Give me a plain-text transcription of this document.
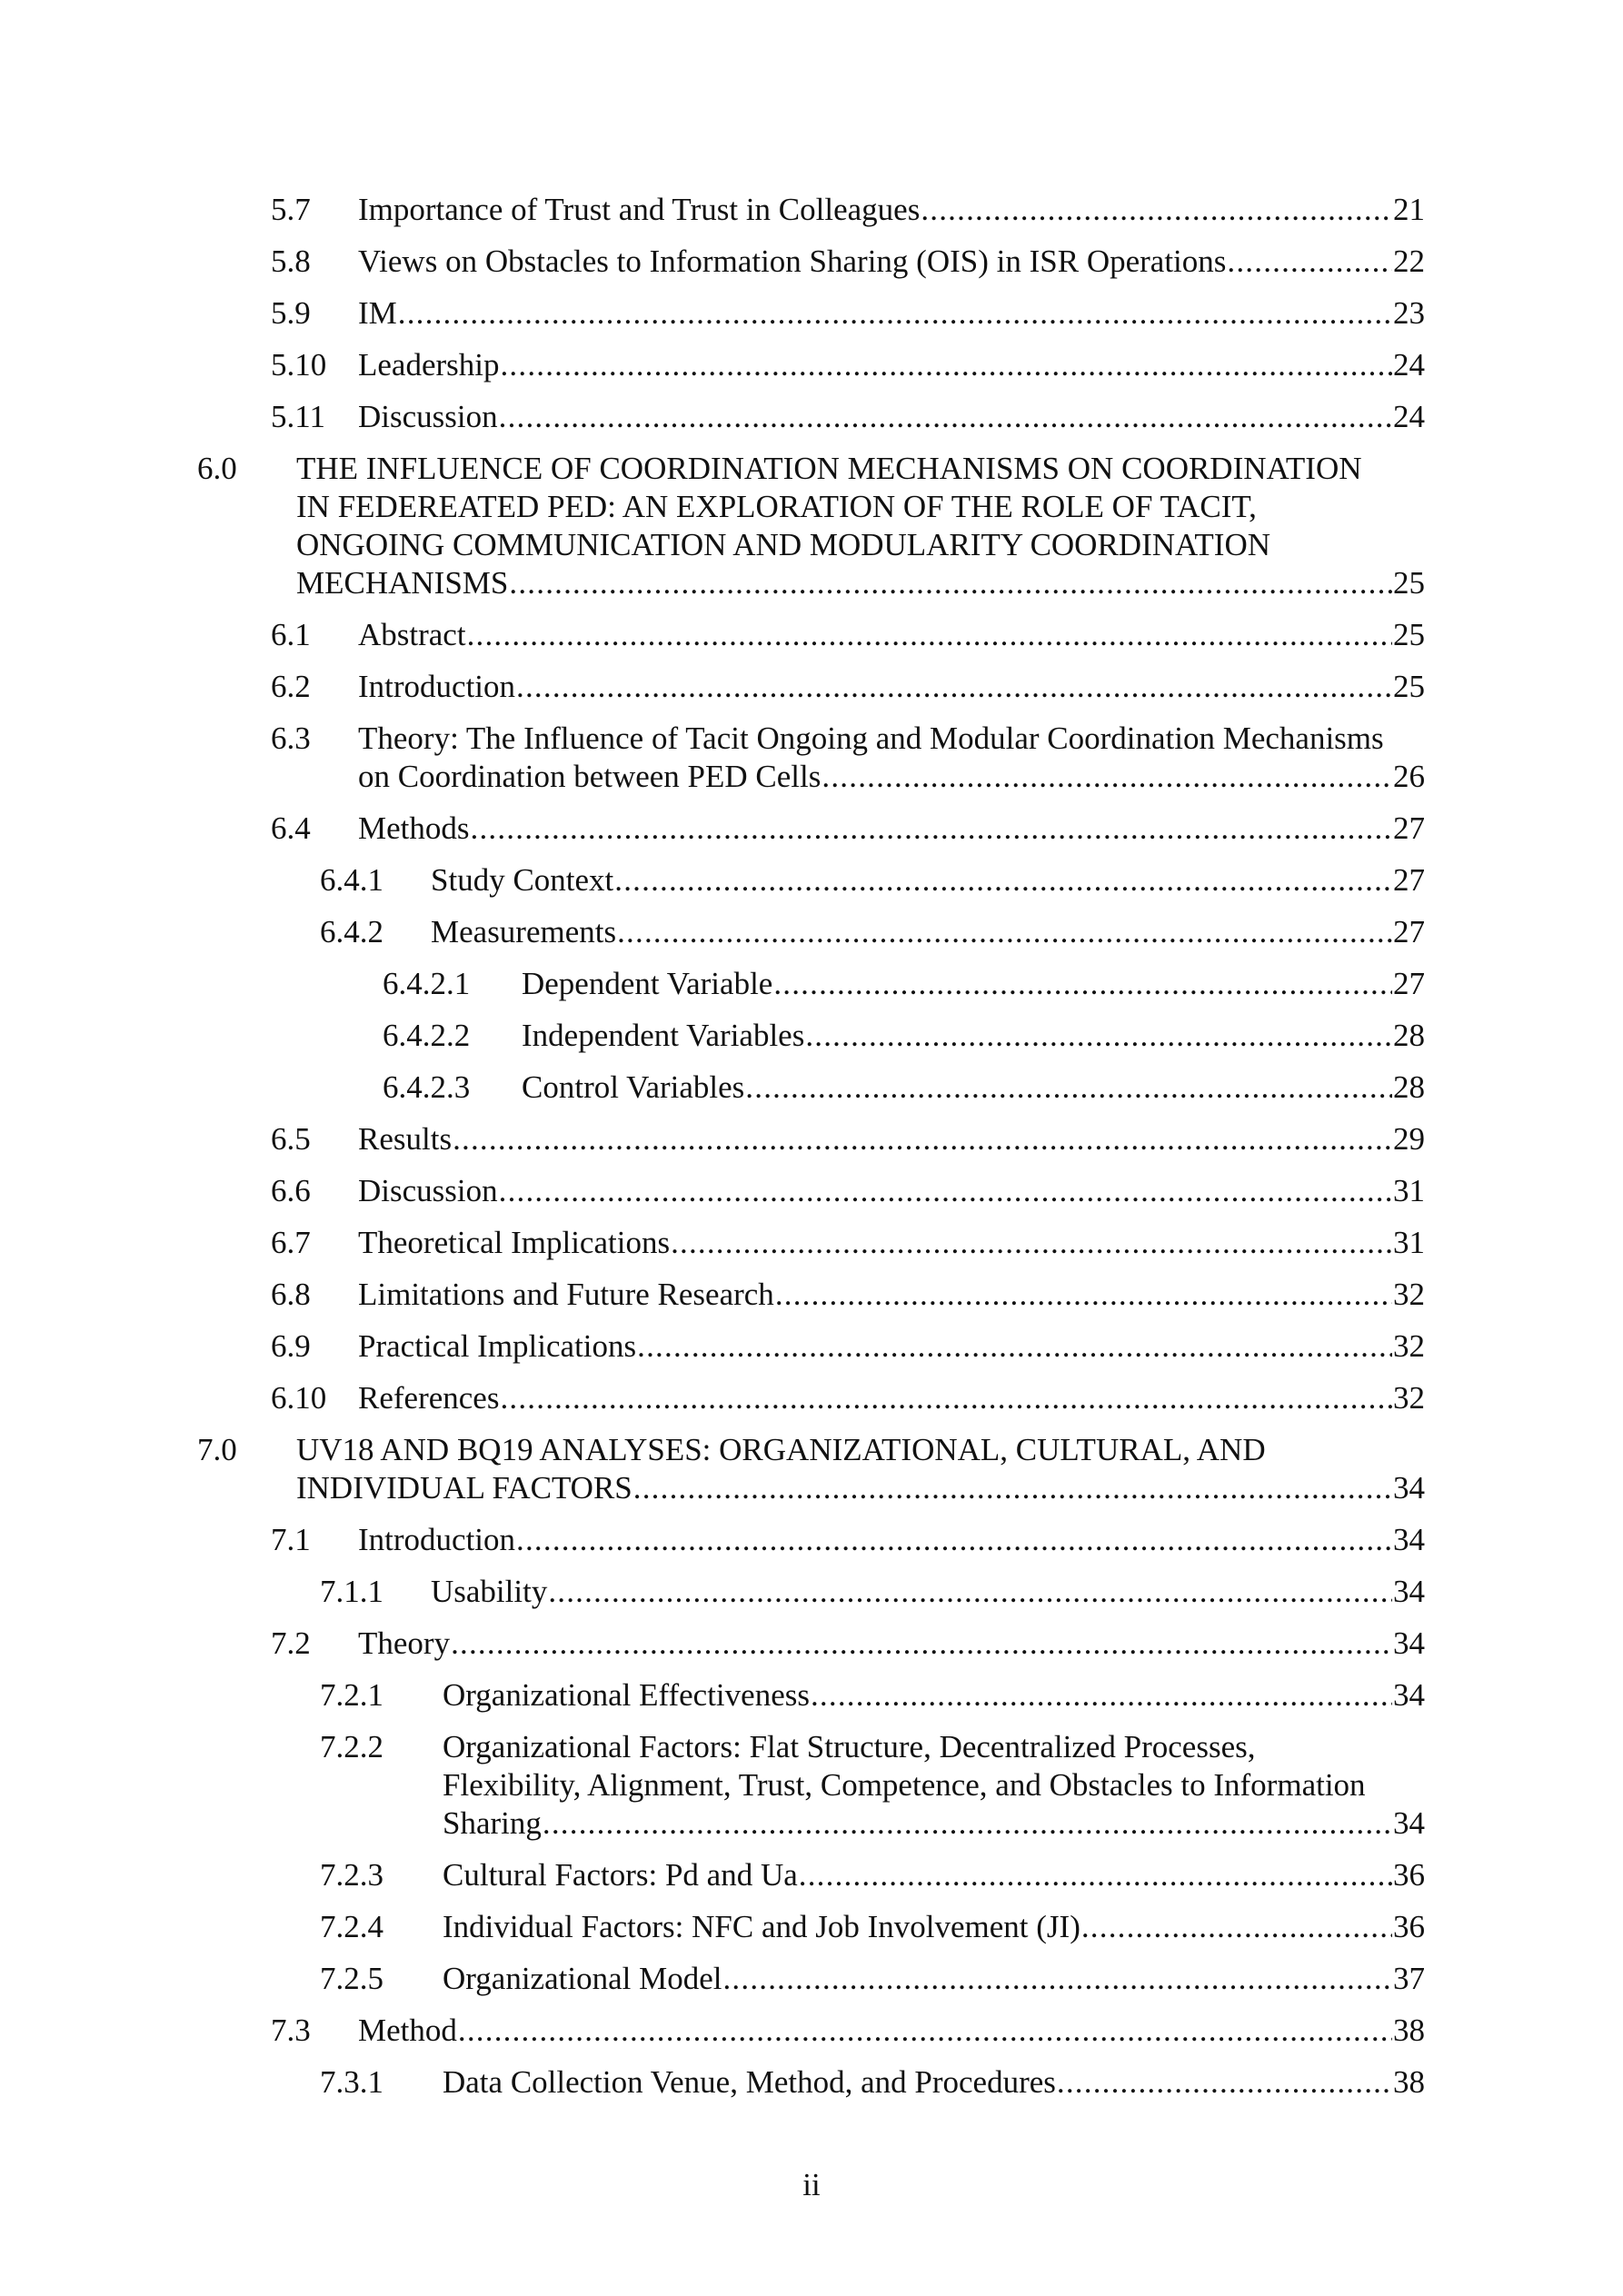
5.7 Importance of Trust and Trust in Colleagues .....	21
5.8 Views on Obstacles to Information Sharing (OIS) in ISR Operations .....	22
5.9 IM .....	23
5.10 Leadership .....	24
5.11 Discussion .....	24
6.0 THE INFLUENCE OF COORDINATION MECHANISMS ON COORDINATION
IN FEDEREATED PED: AN EXPLORATION OF THE ROLE OF TACIT,
ONGOING COMMUNICATION AND MODULARITY COORDINATION
MECHANISMS .....	25
6.1 Abstract .....	25
6.2 Introduction .....	25
6.3 Theory: The Influence of Tacit Ongoing and Modular Coordination Mechanisms
on Coordination between PED Cells .....	26
6.4 Methods .....	27
6.4.1 Study Context .....	27
6.4.2 Measurements .....	27
6.4.2.1 Dependent Variable .....	27
6.4.2.2 Independent Variables .....	28
6.4.2.3 Control Variables .....	28
6.5 Results .....	29
6.6 Discussion .....	31
6.7 Theoretical Implications .....	31
6.8 Limitations and Future Research .....	32
6.9 Practical Implications .....	32
6.10 References .....	32
7.0 UV18 AND BQ19 ANALYSES: ORGANIZATIONAL, CULTURAL, AND
INDIVIDUAL FACTORS .....	34
7.1 Introduction .....	34
7.1.1 Usability .....	34
7.2 Theory .....	34
7.2.1 Organizational Effectiveness .....	34
7.2.2 Organizational Factors: Flat Structure, Decentralized Processes,
Flexibility, Alignment, Trust, Competence, and Obstacles to Information
Sharing .....	34
7.2.3 Cultural Factors: Pd and Ua .....	36
7.2.4 Individual Factors: NFC and Job Involvement (JI) .....	36
7.2.5 Organizational Model .....	37
7.3 Method .....	38
7.3.1 Data Collection Venue, Method, and Procedures .....	38
ii
